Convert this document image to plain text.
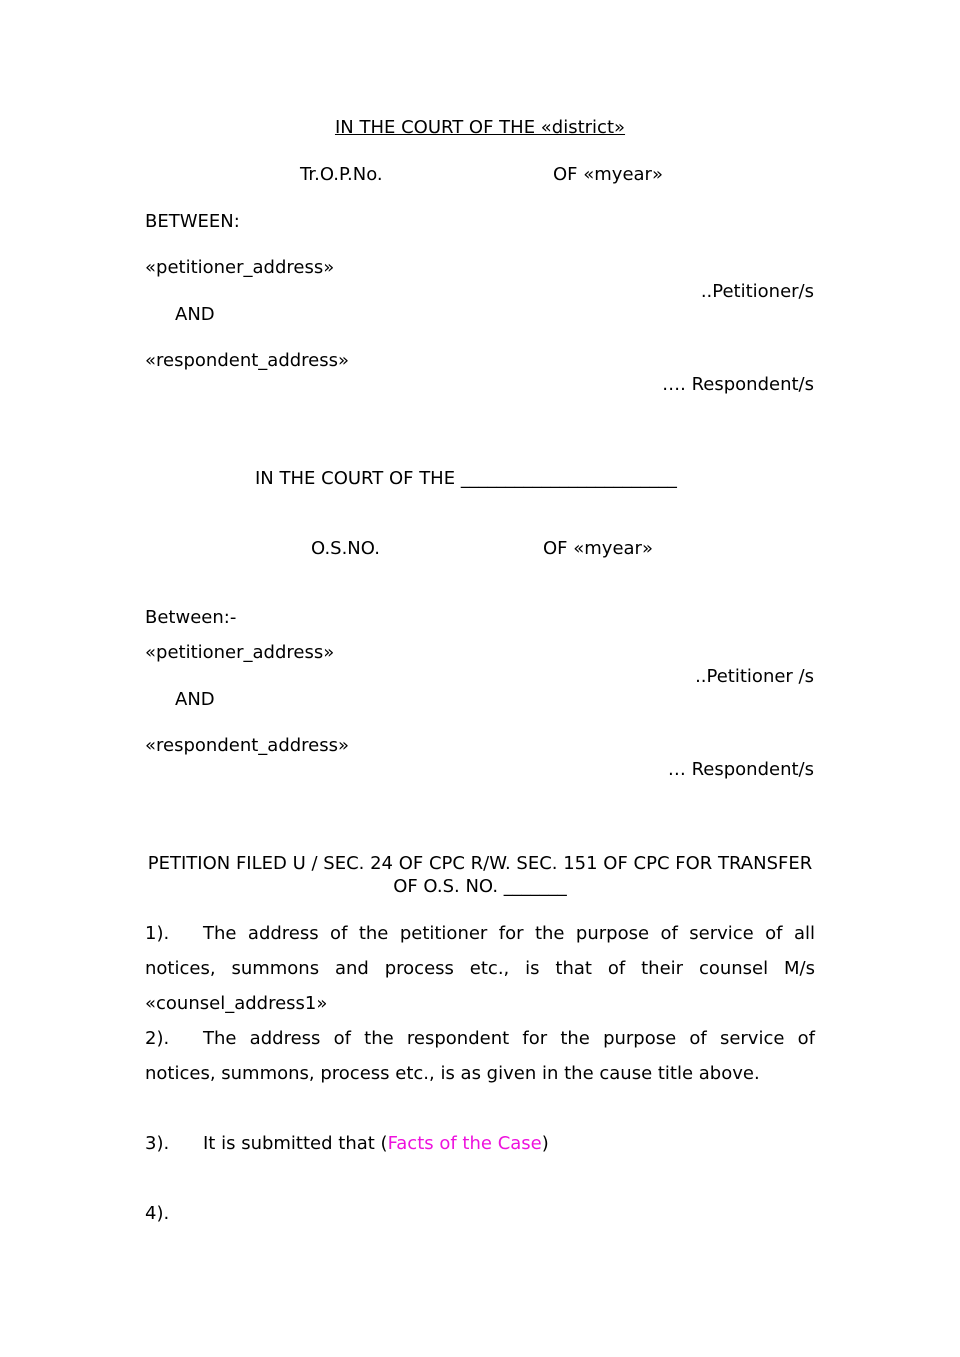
IN THE COURT OF THE «district»
Tr.O.P.No.	OF «myear»
BETWEEN:
«petitioner_address»
..Petitioner/s
AND
«respondent_address»
…. Respondent/s
IN THE COURT OF THE ________________________
O.S.NO.	OF «myear»
Between:-
«petitioner_address»
..Petitioner /s
AND
«respondent_address»
… Respondent/s
PETITION FILED U / SEC. 24 OF CPC R/W. SEC. 151 OF CPC FOR TRANSFER
OF O.S. NO. _______
1). The address of the petitioner for the purpose of service of all notices, summons and process etc., is that of their counsel M/s «counsel_address1»
2). The address of the respondent for the purpose of service of notices, summons, process etc., is as given in the cause title above.
3). It is submitted that (Facts of the Case)
4).
